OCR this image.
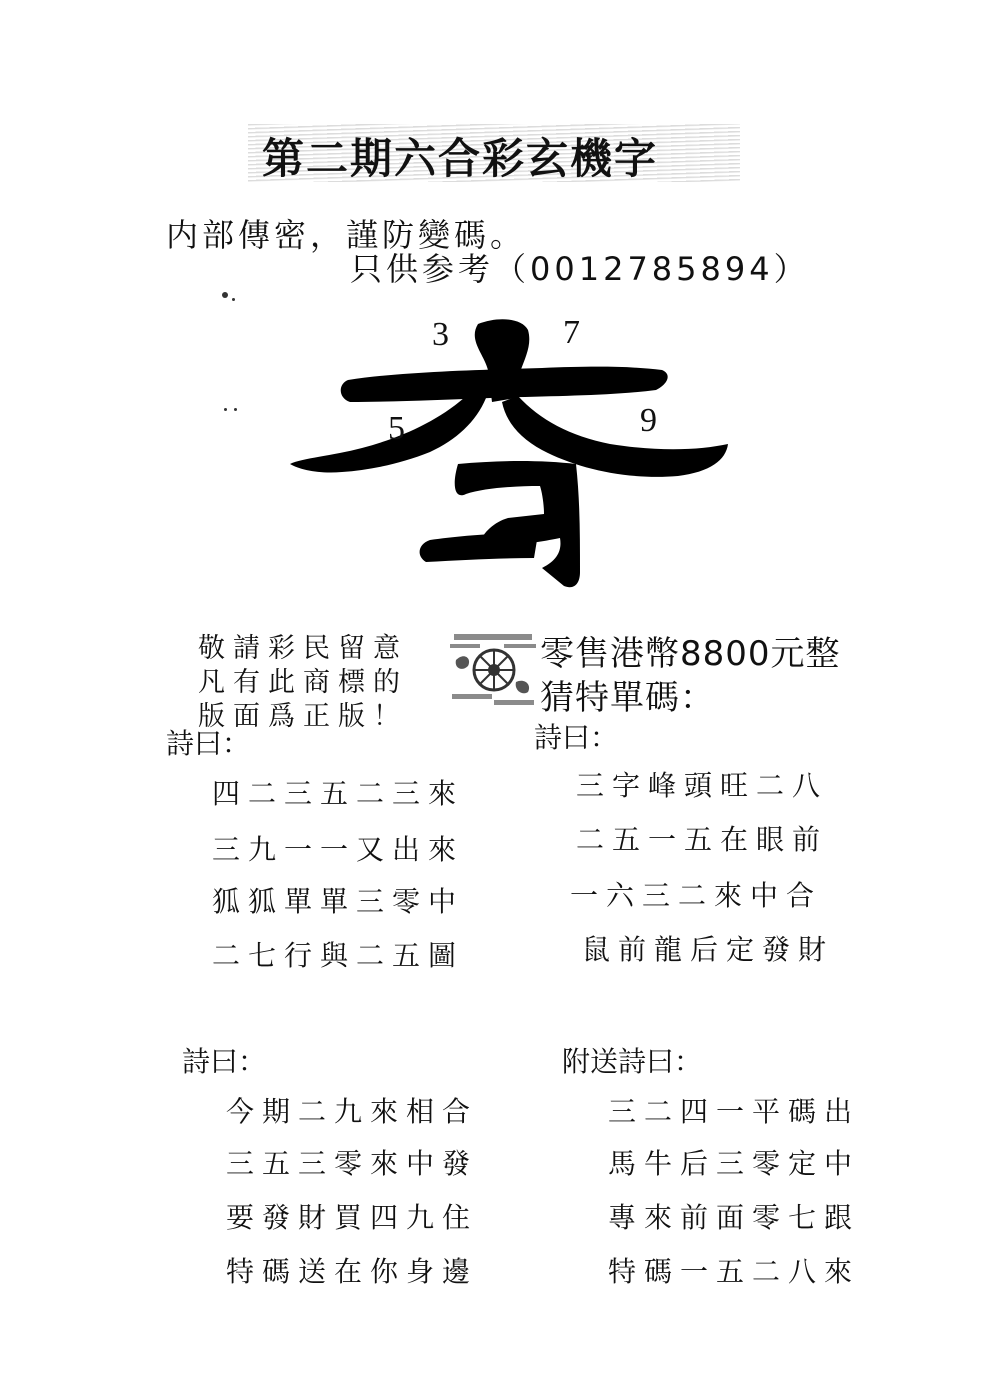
第二期六合彩玄機字
内部傳密，謹防變碼。
只供参考（0012785894）
3	7
5	9
敬請彩民留意
凡有此商標的
版面爲正版！
零售港幣8800元整
猜特單碼：
詩曰：
四二三五二三來
三九一一又出來
狐狐單單三零中
二七行與二五圖
詩曰：
三字峰頭旺二八
二五一五在眼前
一六三二來中合
鼠前龍后定發財
詩曰：
今期二九來相合
三五三零來中發
要發財買四九住
特碼送在你身邊
附送詩曰：
三二四一平碼出
馬牛后三零定中
專來前面零七跟
特碼一五二八來
